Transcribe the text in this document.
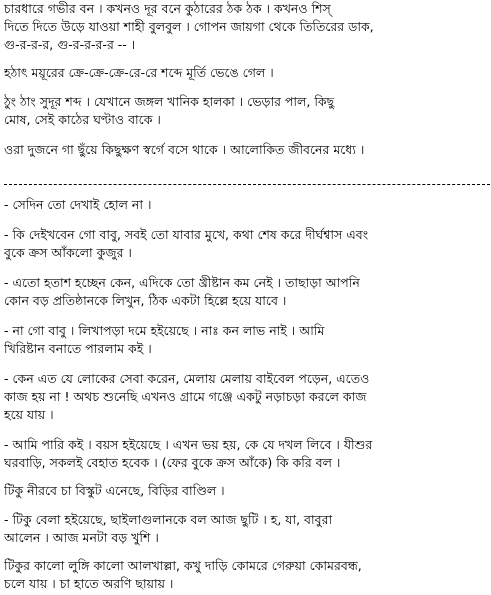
চারধারে গভীর বন । কখনও দূর বনে কুঠারের ঠক ঠক । কখনও শিস্
দিতে দিতে উড়ে যাওয়া শাহী বুলবুল । গোপন জায়গা থেকে তিতিরের ডাক,
গু-র-র-র, গু-র-র-র-র -- ।
হঠাৎ ময়ূরের ক্রে-ক্রে-ক্রে-রে-রে শব্দে মূর্তি ভেঙে গেল ।
ঠুং ঠাং সুদূর শব্দ । যেখানে জঙ্গল খানিক হালকা । ভেড়ার পাল, কিছু
মোষ, সেই কাঠের ঘণ্টাও বাকে ।
ওরা দুজনে গা ছুঁয়ে কিছুক্ষণ স্বর্গে বসে থাকে । আলোকিত জীবনের মধ্যে ।
- সেদিন তো দেখাই হোল না ।
- কি দেইখবেন গো বাবু, সবই তো যাবার মুখে, কথা শেষ করে দীর্ঘশ্বাস এবং
বুকে ক্রস আঁকলো কুজুর ।
- এতো হতাশ হচ্ছেন কেন, এদিকে তো খ্রীষ্টান কম নেই । তাছাড়া আপনি
কোন বড় প্রতিষ্ঠানকে লিখুন, ঠিক একটা হিল্লে হয়ে যাবে ।
- না গো বাবু । লিখাপড়া দমে হইয়েছে । নাঃ কন লাভ নাই । আমি
খিরিষ্টান বনাতে পারলাম কই ।
- কেন এত যে লোকের সেবা করেন, মেলায় মেলায় বাইবেল পড়েন, এতেও
কাজ হয় না ! অথচ শুনেছি এখনও গ্রামে গঞ্জে একটু নড়াচড়া করলে কাজ
হয়ে যায় ।
- আমি পারি কই । বয়স হইয়েছে । এখন ভয় হয়, কে যে দখল লিবে । যীশুর
ঘরবাড়ি, সকলই বেহাত হবেক । (ফের বুকে ক্রস আঁকে) কি করি বল ।
টিকু নীরবে চা বিস্কুট এনেছে, বিড়ির বাণ্ডিল ।
- টিকু বেলা হইয়েছে, ছাইলাগুলানকে বল আজ ছুটি । হ, যা, বাবুরা
আলেন । আজ মনটা বড় খুশি ।
টিকুর কালো লুঙ্গি কালো আলখাল্লা, কখু দাড়ি কোমরে গেরুয়া কোমরবন্ধ,
চলে যায় । চা হাতে অরণি ছায়ায় ।
